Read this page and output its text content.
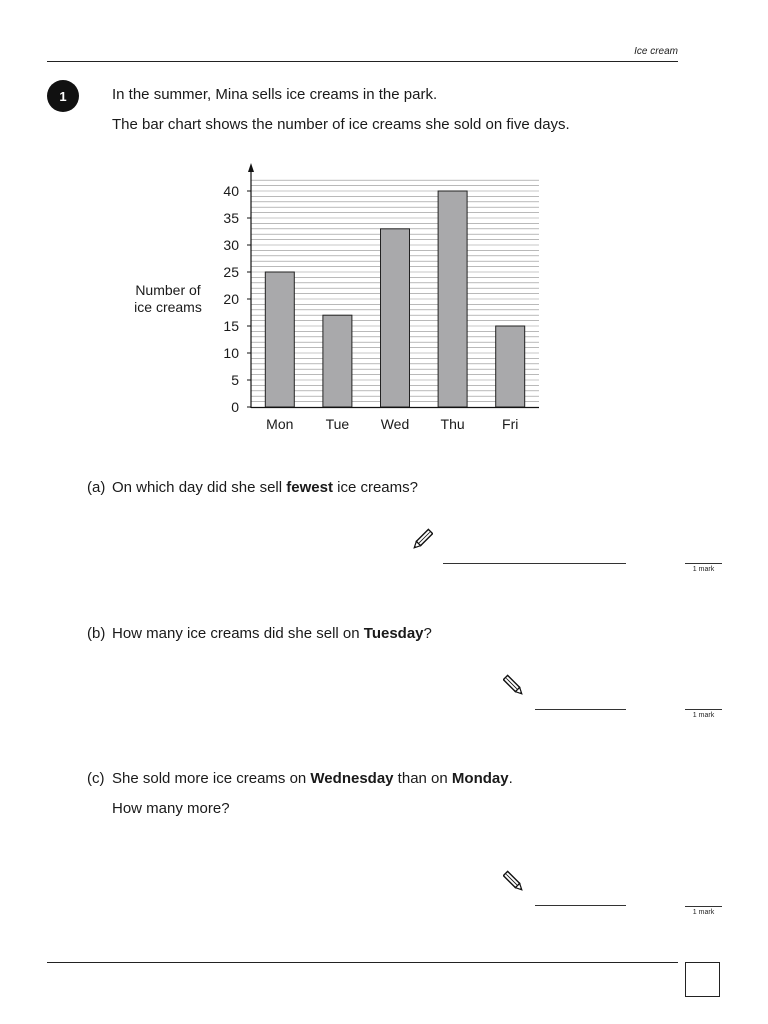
Ice cream
1	In the summer, Mina sells ice creams in the park.
The bar chart shows the number of ice creams she sold on five days.
0
5
10
15
20
25
30
35
40
Mon Tue Wed Thu	Fri
Number of
ice creams
(a) On which day did she sell fewest ice creams?
1 mark
(b) How many ice creams did she sell on Tuesday?
1 mark
(c) She sold more ice creams on Wednesday than on Monday.
How many more?
1 mark
